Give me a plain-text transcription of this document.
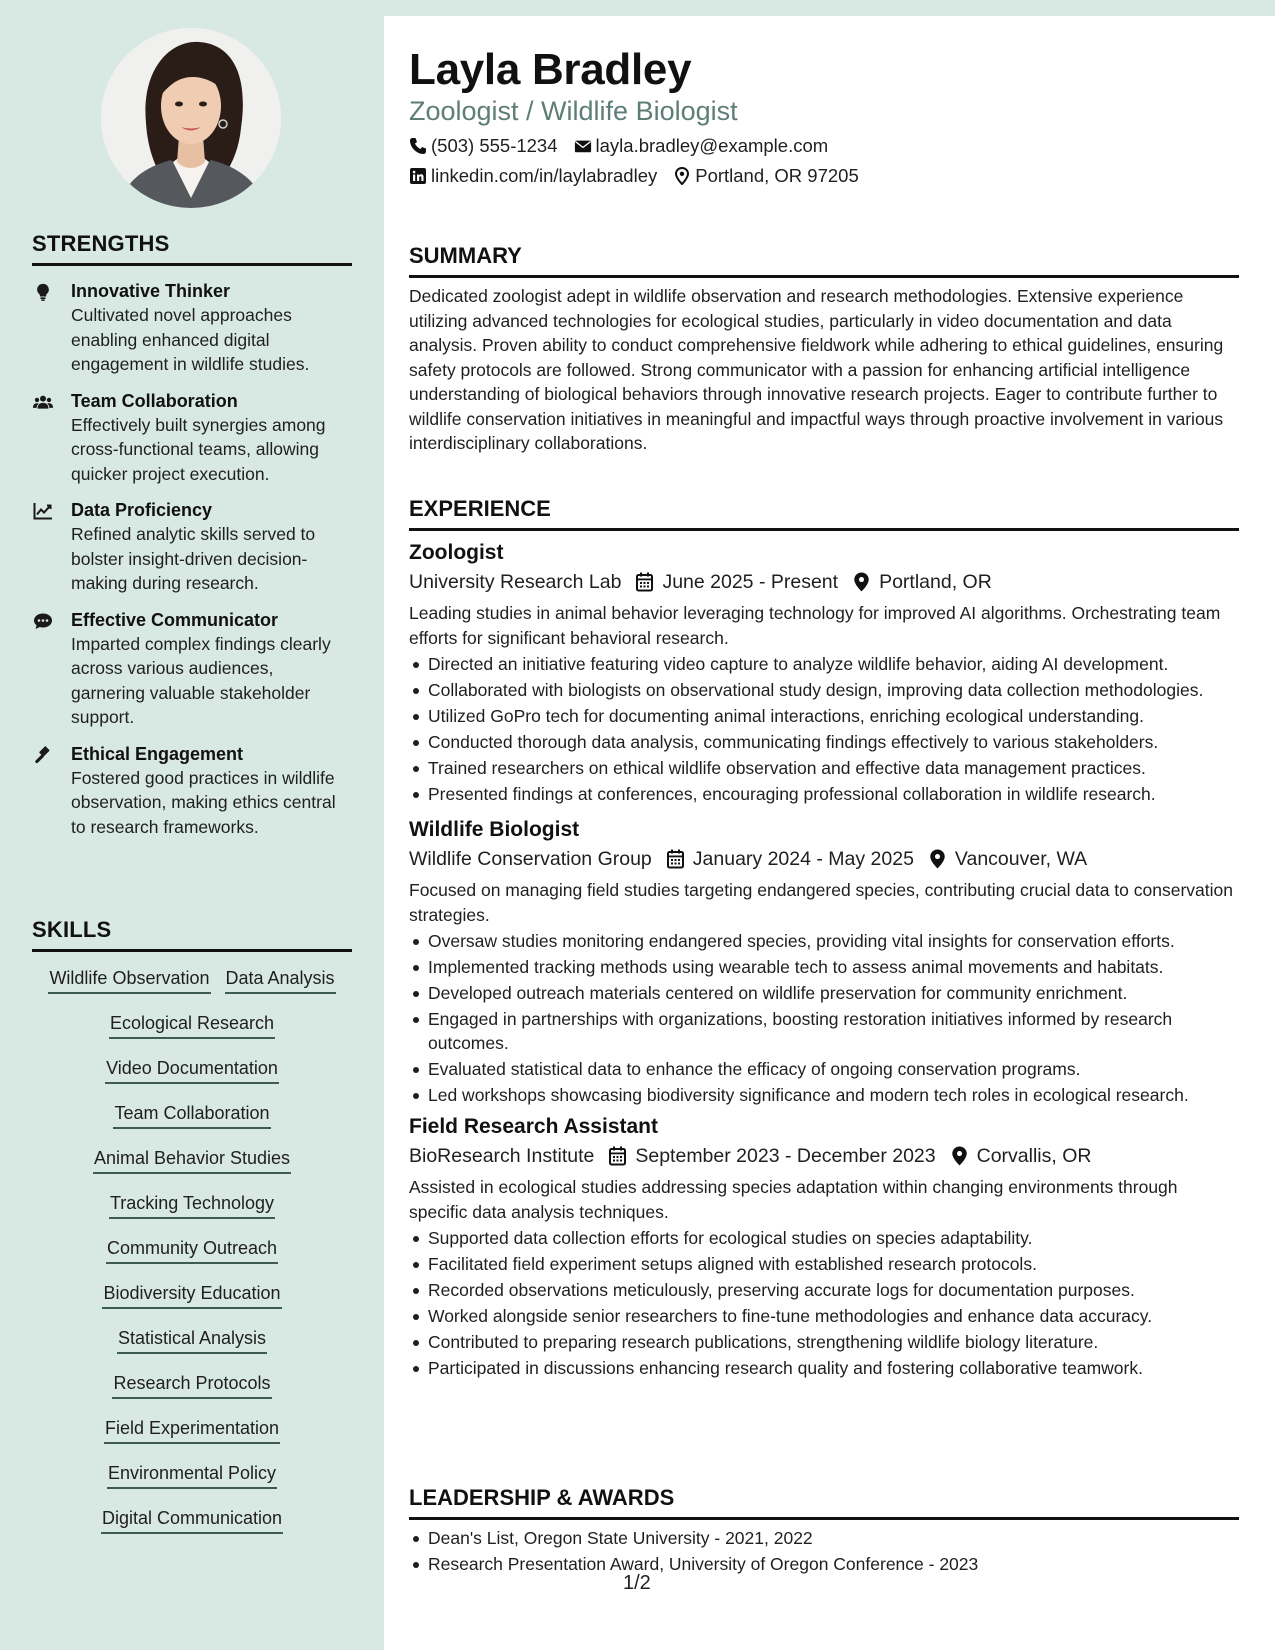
STRENGTHS
Innovative Thinker
Cultivated novel approaches enabling enhanced digital engagement in wildlife studies.
Team Collaboration
Effectively built synergies among cross-functional teams, allowing quicker project execution.
Data Proficiency
Refined analytic skills served to bolster insight-driven decision-making during research.
Effective Communicator
Imparted complex findings clearly across various audiences, garnering valuable stakeholder support.
Ethical Engagement
Fostered good practices in wildlife observation, making ethics central to research frameworks.
SKILLS
Wildlife Observation Data Analysis
Ecological Research
Video Documentation
Team Collaboration
Animal Behavior Studies
Tracking Technology
Community Outreach
Biodiversity Education
Statistical Analysis
Research Protocols
Field Experimentation
Environmental Policy
Digital Communication
Layla Bradley
Zoologist / Wildlife Biologist
(503) 555-1234 layla.bradley@example.com
linkedin.com/in/laylabradley Portland, OR 97205
SUMMARY
Dedicated zoologist adept in wildlife observation and research methodologies. Extensive experience utilizing advanced technologies for ecological studies, particularly in video documentation and data analysis. Proven ability to conduct comprehensive fieldwork while adhering to ethical guidelines, ensuring safety protocols are followed. Strong communicator with a passion for enhancing artificial intelligence understanding of biological behaviors through innovative research projects. Eager to contribute further to wildlife conservation initiatives in meaningful and impactful ways through proactive involvement in various interdisciplinary collaborations.
EXPERIENCE
Zoologist
University Research Lab June 2025 - Present Portland, OR
Leading studies in animal behavior leveraging technology for improved AI algorithms. Orchestrating team efforts for significant behavioral research.
Directed an initiative featuring video capture to analyze wildlife behavior, aiding AI development.
Collaborated with biologists on observational study design, improving data collection methodologies.
Utilized GoPro tech for documenting animal interactions, enriching ecological understanding.
Conducted thorough data analysis, communicating findings effectively to various stakeholders.
Trained researchers on ethical wildlife observation and effective data management practices.
Presented findings at conferences, encouraging professional collaboration in wildlife research.
Wildlife Biologist
Wildlife Conservation Group January 2024 - May 2025 Vancouver, WA
Focused on managing field studies targeting endangered species, contributing crucial data to conservation strategies.
Oversaw studies monitoring endangered species, providing vital insights for conservation efforts.
Implemented tracking methods using wearable tech to assess animal movements and habitats.
Developed outreach materials centered on wildlife preservation for community enrichment.
Engaged in partnerships with organizations, boosting restoration initiatives informed by research outcomes.
Evaluated statistical data to enhance the efficacy of ongoing conservation programs.
Led workshops showcasing biodiversity significance and modern tech roles in ecological research.
Field Research Assistant
BioResearch Institute September 2023 - December 2023 Corvallis, OR
Assisted in ecological studies addressing species adaptation within changing environments through specific data analysis techniques.
Supported data collection efforts for ecological studies on species adaptability.
Facilitated field experiment setups aligned with established research protocols.
Recorded observations meticulously, preserving accurate logs for documentation purposes.
Worked alongside senior researchers to fine-tune methodologies and enhance data accuracy.
Contributed to preparing research publications, strengthening wildlife biology literature.
Participated in discussions enhancing research quality and fostering collaborative teamwork.
LEADERSHIP & AWARDS
Dean's List, Oregon State University - 2021, 2022
Research Presentation Award, University of Oregon Conference - 2023
1/2
